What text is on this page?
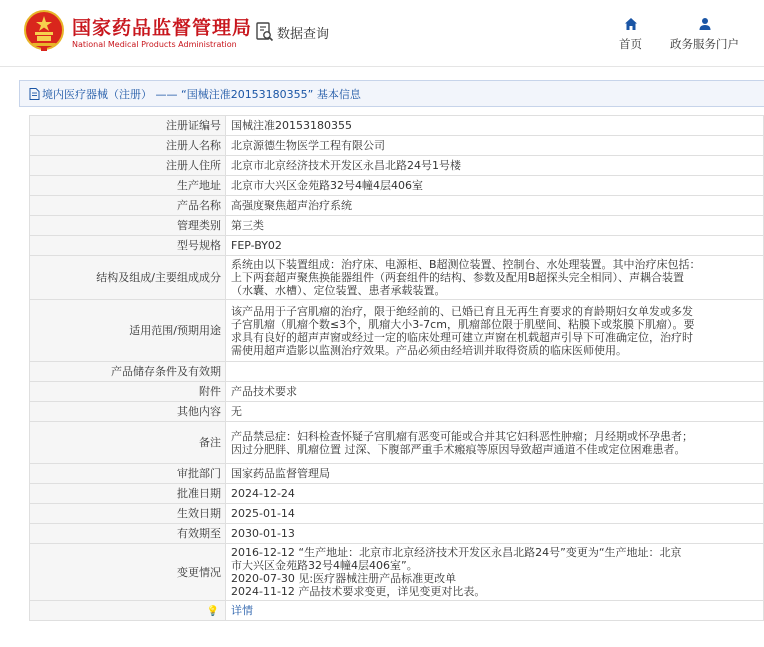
国家药品监督管理局
National Medical Products Administration
数据查询
首页 政务服务门户
境内医疗器械（注册） —— “国械注准20153180355” 基本信息
注册证编号	国械注准20153180355

注册人名称	北京源德生物医学工程有限公司

注册人住所	北京市北京经济技术开发区永昌北路24号1号楼

生产地址	北京市大兴区金苑路32号4幢4层406室

产品名称	高强度聚焦超声治疗系统

管理类别	第三类

型号规格	FEP-BY02

结构及组成/主要组成成分	系统由以下装置组成：治疗床、电源柜、B超测位装置、控制台、水处理装置。其中治疗床包括：
上下两套超声聚焦换能器组件（两套组件的结构、参数及配用B超探头完全相同）、声耦合装置
（水囊、水槽）、定位装置、患者承载装置。

适用范围/预期用途	该产品用于子宫肌瘤的治疗，限于绝经前的、已婚已育且无再生育要求的育龄期妇女单发或多发
子宫肌瘤（肌瘤个数≤3个，肌瘤大小3-7cm，肌瘤部位限于肌壁间、粘膜下或浆膜下肌瘤）。要
求具有良好的超声声窗或经过一定的临床处理可建立声窗在机载超声引导下可准确定位，治疗时
需使用超声造影以监测治疗效果。产品必须由经培训并取得资质的临床医师使用。

产品储存条件及有效期	

附件	产品技术要求

其他内容	无

备注	产品禁忌症：妇科检查怀疑子宫肌瘤有恶变可能或合并其它妇科恶性肿瘤；月经期或怀孕患者；
因过分肥胖、肌瘤位置 过深、下腹部严重手术瘢痕等原因导致超声通道不佳或定位困难患者。

审批部门	国家药品监督管理局

批准日期	2024-12-24

生效日期	2025-01-14

有效期至	2030-01-13

变更情况	2016-12-12 “生产地址：北京市北京经济技术开发区永昌北路24号”变更为“生产地址：北京
市大兴区金苑路32号4幢4层406室”。
2020-07-30 见:医疗器械注册产品标准更改单
2024-11-12 产品技术要求变更，详见变更对比表。

💡	详情
